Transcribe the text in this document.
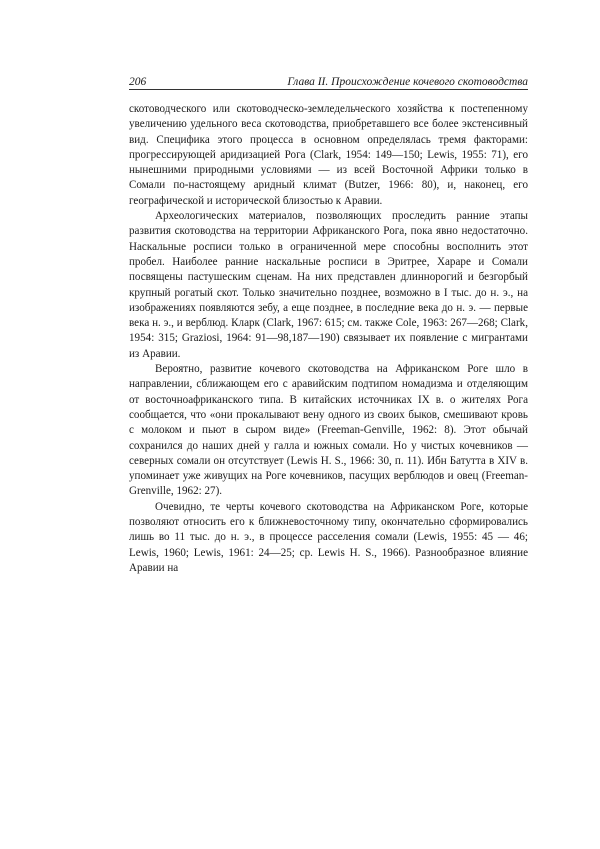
206	Глава II. Происхождение кочевого скотоводства

скотоводческого или скотоводческо-земледельческого хозяйства к постепенному увеличению удельного веса скотоводства, приобретавшего все более экстенсивный вид. Специфика этого процесса в основном определялась тремя факторами: прогрессирующей аридизацией Рога (Clark, 1954: 149—150; Lewis, 1955: 71), его нынешними природными условиями — из всей Восточной Африки только в Сомали по-настоящему аридный климат (Butzer, 1966: 80), и, наконец, его географической и исторической близостью к Аравии.

Археологических материалов, позволяющих проследить ранние этапы развития скотоводства на территории Африканского Рога, пока явно недостаточно. Наскальные росписи только в ограниченной мере способны восполнить этот пробел. Наиболее ранние наскальные росписи в Эритрее, Хараре и Сомали посвящены пастушеским сценам. На них представлен длиннорогий и безгорбый крупный рогатый скот. Только значительно позднее, возможно в I тыс. до н. э., на изображениях появляются зебу, а еще позднее, в последние века до н. э. — первые века н. э., и верблюд. Кларк (Clark, 1967: 615; см. также Cole, 1963: 267—268; Clark, 1954: 315; Graziosi, 1964: 91—98,187—190) связывает их появление с мигрантами из Аравии.

Вероятно, развитие кочевого скотоводства на Африканском Роге шло в направлении, сближающем его с аравийским подтипом номадизма и отделяющим от восточноафриканского типа. В китайских источниках IX в. о жителях Рога сообщается, что «они прокалывают вену одного из своих быков, смешивают кровь с молоком и пьют в сыром виде» (Freeman-Genville, 1962: 8). Этот обычай сохранился до наших дней у галла и южных сомали. Но у чистых кочевников — северных сомали он отсутствует (Lewis H. S., 1966: 30, п. 11). Ибн Батутта в XIV в. упоминает уже живущих на Роге кочевников, пасущих верблюдов и овец (Freeman-Grenville, 1962: 27).

Очевидно, те черты кочевого скотоводства на Африканском Роге, которые позволяют относить его к ближневосточному типу, окончательно сформировались лишь во 11 тыс. до н. э., в процессе расселения сомали (Lewis, 1955: 45 — 46; Lewis, 1960; Lewis, 1961: 24—25; ср. Lewis H. S., 1966). Разнообразное влияние Аравии на
